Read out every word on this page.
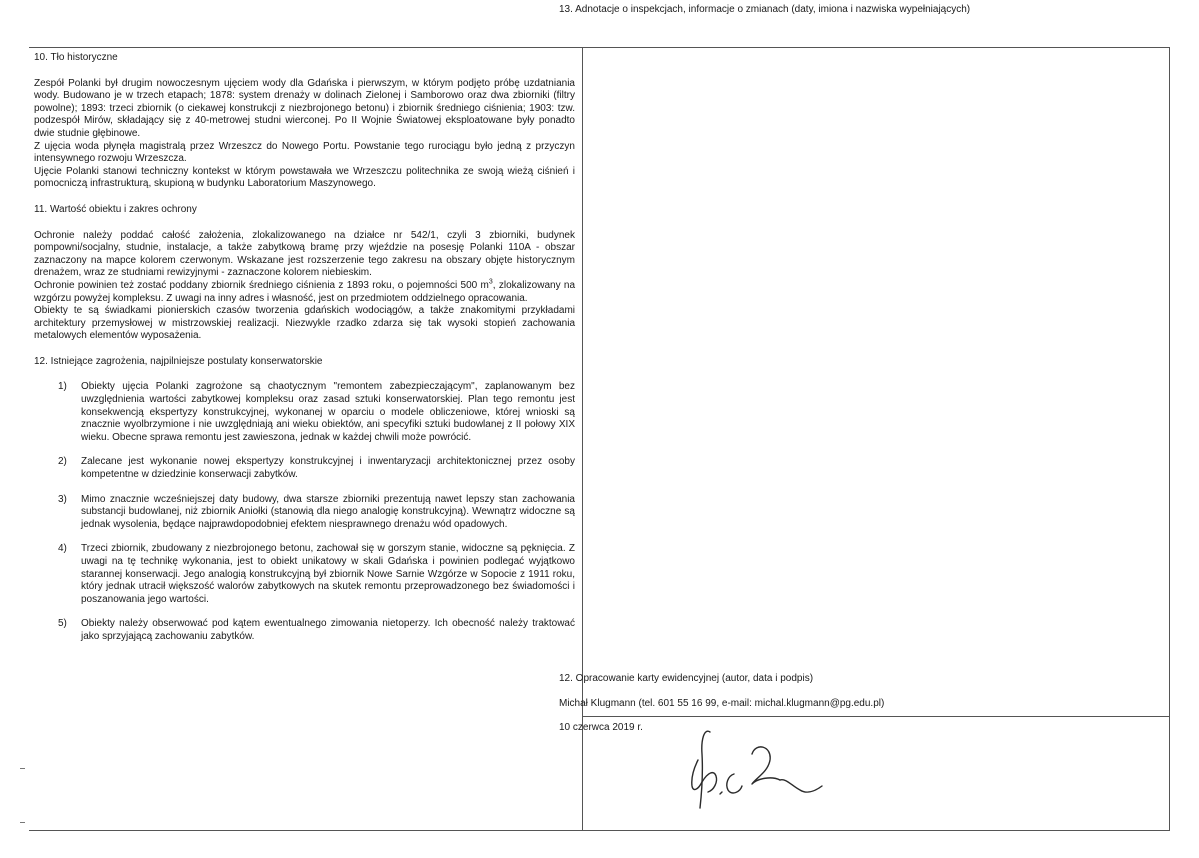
10. Tło historyczne

Zespół Polanki był drugim nowoczesnym ujęciem wody dla Gdańska i pierwszym, w którym podjęto próbę uzdatniania wody. Budowano je w trzech etapach; 1878: system drenaży w dolinach Zielonej i Samborowo oraz dwa zbiorniki (filtry powolne); 1893: trzeci zbiornik (o ciekawej konstrukcji z niezbrojonego betonu) i zbiornik średniego ciśnienia; 1903: tzw. podzespół Mirów, składający się z 40-metrowej studni wierconej. Po II Wojnie Światowej eksploatowane były ponadto dwie studnie głębinowe.

Z ujęcia woda płynęła magistralą przez Wrzeszcz do Nowego Portu. Powstanie tego rurociągu było jedną z przyczyn intensywnego rozwoju Wrzeszcza.

Ujęcie Polanki stanowi techniczny kontekst w którym powstawała we Wrzeszczu politechnika ze swoją wieżą ciśnień i pomocniczą infrastrukturą, skupioną w budynku Laboratorium Maszynowego.

11. Wartość obiektu i zakres ochrony

Ochronie należy poddać całość założenia, zlokalizowanego na działce nr 542/1, czyli 3 zbiorniki, budynek pompowni/socjalny, studnie, instalacje, a także zabytkową bramę przy wjeździe na posesję Polanki 110A - obszar zaznaczony na mapce kolorem czerwonym. Wskazane jest rozszerzenie tego zakresu na obszary objęte historycznym drenażem, wraz ze studniami rewizyjnymi - zaznaczone kolorem niebieskim.

Ochronie powinien też zostać poddany zbiornik średniego ciśnienia z 1893 roku, o pojemności 500 $m^3$, zlokalizowany na wzgórzu powyżej kompleksu. Z uwagi na inny adres i własność, jest on przedmiotem oddzielnego opracowania.

Obiekty te są świadkami pionierskich czasów tworzenia gdańskich wodociągów, a także znakomitymi przykładami architektury przemysłowej w mistrzowskiej realizacji. Niezwykle rzadko zdarza się tak wysoki stopień zachowania metalowych elementów wyposażenia.

12. Istniejące zagrożenia, najpilniejsze postulaty konserwatorskie
1) Obiekty ujęcia Polanki zagrożone są chaotycznym "remontem zabezpieczającym", zaplanowanym bez uwzględnienia wartości zabytkowej kompleksu oraz zasad sztuki konserwatorskiej. Plan tego remontu jest konsekwencją ekspertyzy konstrukcyjnej, wykonanej w oparciu o modele obliczeniowe, której wnioski są znacznie wyolbrzymione i nie uwzględniają ani wieku obiektów, ani specyfiki sztuki budowlanej z II połowy XIX wieku. Obecne sprawa remontu jest zawieszona, jednak w każdej chwili może powrócić.
2) Zalecane jest wykonanie nowej ekspertyzy konstrukcyjnej i inwentaryzacji architektonicznej przez osoby kompetentne w dziedzinie konserwacji zabytków.
3) Mimo znacznie wcześniejszej daty budowy, dwa starsze zbiorniki prezentują nawet lepszy stan zachowania substancji budowlanej, niż zbiornik Aniołki (stanowią dla niego analogię konstrukcyjną). Wewnątrz widoczne są jednak wysolenia, będące najprawdopodobniej efektem niesprawnego drenażu wód opadowych.
4) Trzeci zbiornik, zbudowany z niezbrojonego betonu, zachował się w gorszym stanie, widoczne są pęknięcia. Z uwagi na tę technikę wykonania, jest to obiekt unikatowy w skali Gdańska i powinien podlegać wyjątkowo starannej konserwacji. Jego analogią konstrukcyjną był zbiornik Nowe Sarnie Wzgórze w Sopocie z 1911 roku, który jednak utracił większość walorów zabytkowych na skutek remontu przeprowadzonego bez świadomości i poszanowania jego wartości.
5) Obiekty należy obserwować pod kątem ewentualnego zimowania nietoperzy. Ich obecność należy traktować jako sprzyjającą zachowaniu zabytków.
13. Adnotacje o inspekcjach, informacje o zmianach (daty, imiona i nazwiska wypełniających)

12. Opracowanie karty ewidencyjnej (autor, data i podpis)

Michał Klugmann (tel. 601 55 16 99, e-mail: michal.klugmann@pg.edu.pl)

10 czerwca 2019 r.
